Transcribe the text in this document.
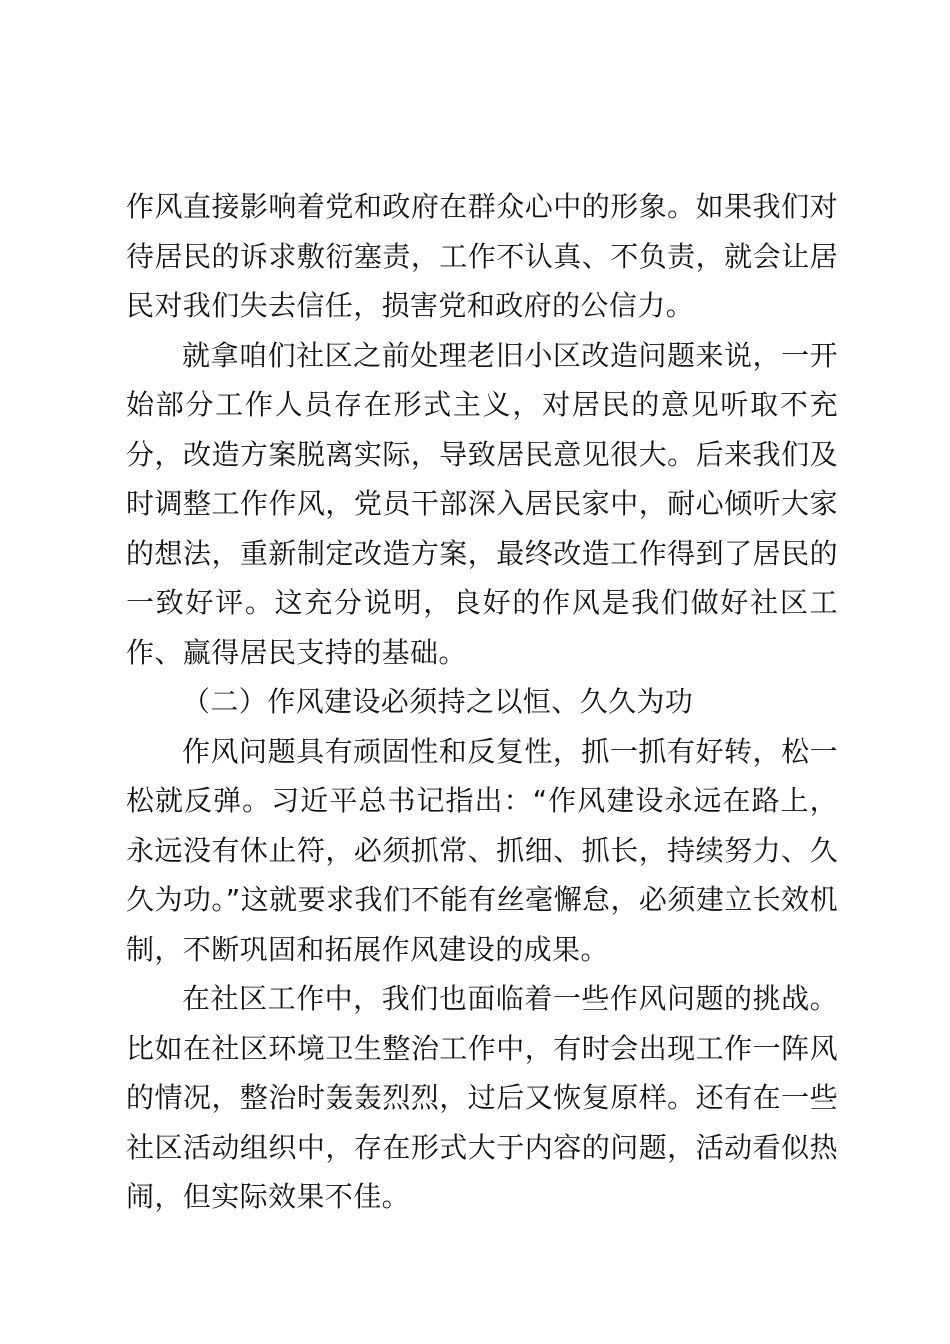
作风直接影响着党和政府在群众心中的形象。如果我们对待居民的诉求敷衍塞责，工作不认真、不负责，就会让居民对我们失去信任，损害党和政府的公信力。

就拿咱们社区之前处理老旧小区改造问题来说，一开始部分工作人员存在形式主义，对居民的意见听取不充分，改造方案脱离实际，导致居民意见很大。后来我们及时调整工作作风，党员干部深入居民家中，耐心倾听大家的想法，重新制定改造方案，最终改造工作得到了居民的一致好评。这充分说明，良好的作风是我们做好社区工作、赢得居民支持的基础。

（二）作风建设必须持之以恒、久久为功

作风问题具有顽固性和反复性，抓一抓有好转，松一松就反弹。习近平总书记指出：“作风建设永远在路上，永远没有休止符，必须抓常、抓细、抓长，持续努力、久久为功。”这就要求我们不能有丝毫懈怠，必须建立长效机制，不断巩固和拓展作风建设的成果。

在社区工作中，我们也面临着一些作风问题的挑战。比如在社区环境卫生整治工作中，有时会出现工作一阵风的情况，整治时轰轰烈烈，过后又恢复原样。还有在一些社区活动组织中，存在形式大于内容的问题，活动看似热闹，但实际效果不佳。
